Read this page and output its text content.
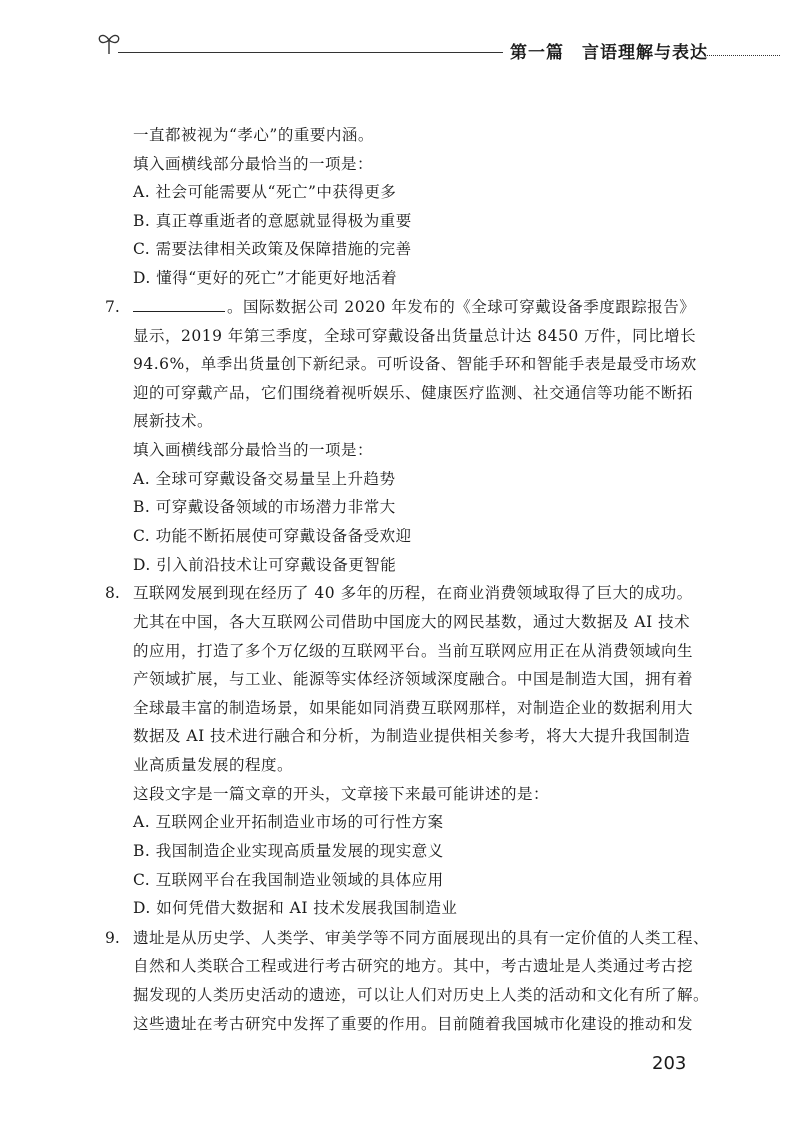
第一篇　言语理解与表达
一直都被视为“孝心”的重要内涵。
填入画横线部分最恰当的一项是：
A. 社会可能需要从“死亡”中获得更多
B. 真正尊重逝者的意愿就显得极为重要
C. 需要法律相关政策及保障措施的完善
D. 懂得“更好的死亡”才能更好地活着
7.	。国际数据公司 2020 年发布的《全球可穿戴设备季度跟踪报告》
显示，2019 年第三季度，全球可穿戴设备出货量总计达 8450 万件，同比增长
94.6%，单季出货量创下新纪录。可听设备、智能手环和智能手表是最受市场欢
迎的可穿戴产品，它们围绕着视听娱乐、健康医疗监测、社交通信等功能不断拓
展新技术。
填入画横线部分最恰当的一项是：
A. 全球可穿戴设备交易量呈上升趋势
B. 可穿戴设备领域的市场潜力非常大
C. 功能不断拓展使可穿戴设备备受欢迎
D. 引入前沿技术让可穿戴设备更智能
8. 互联网发展到现在经历了 40 多年的历程，在商业消费领域取得了巨大的成功。
尤其在中国，各大互联网公司借助中国庞大的网民基数，通过大数据及 AI 技术
的应用，打造了多个万亿级的互联网平台。当前互联网应用正在从消费领域向生
产领域扩展，与工业、能源等实体经济领域深度融合。中国是制造大国，拥有着
全球最丰富的制造场景，如果能如同消费互联网那样，对制造企业的数据利用大
数据及 AI 技术进行融合和分析，为制造业提供相关参考，将大大提升我国制造
业高质量发展的程度。
这段文字是一篇文章的开头，文章接下来最可能讲述的是：
A. 互联网企业开拓制造业市场的可行性方案
B. 我国制造企业实现高质量发展的现实意义
C. 互联网平台在我国制造业领域的具体应用
D. 如何凭借大数据和 AI 技术发展我国制造业
9. 遗址是从历史学、人类学、审美学等不同方面展现出的具有一定价值的人类工程、
自然和人类联合工程或进行考古研究的地方。其中，考古遗址是人类通过考古挖
掘发现的人类历史活动的遗迹，可以让人们对历史上人类的活动和文化有所了解。
这些遗址在考古研究中发挥了重要的作用。目前随着我国城市化建设的推动和发
203
